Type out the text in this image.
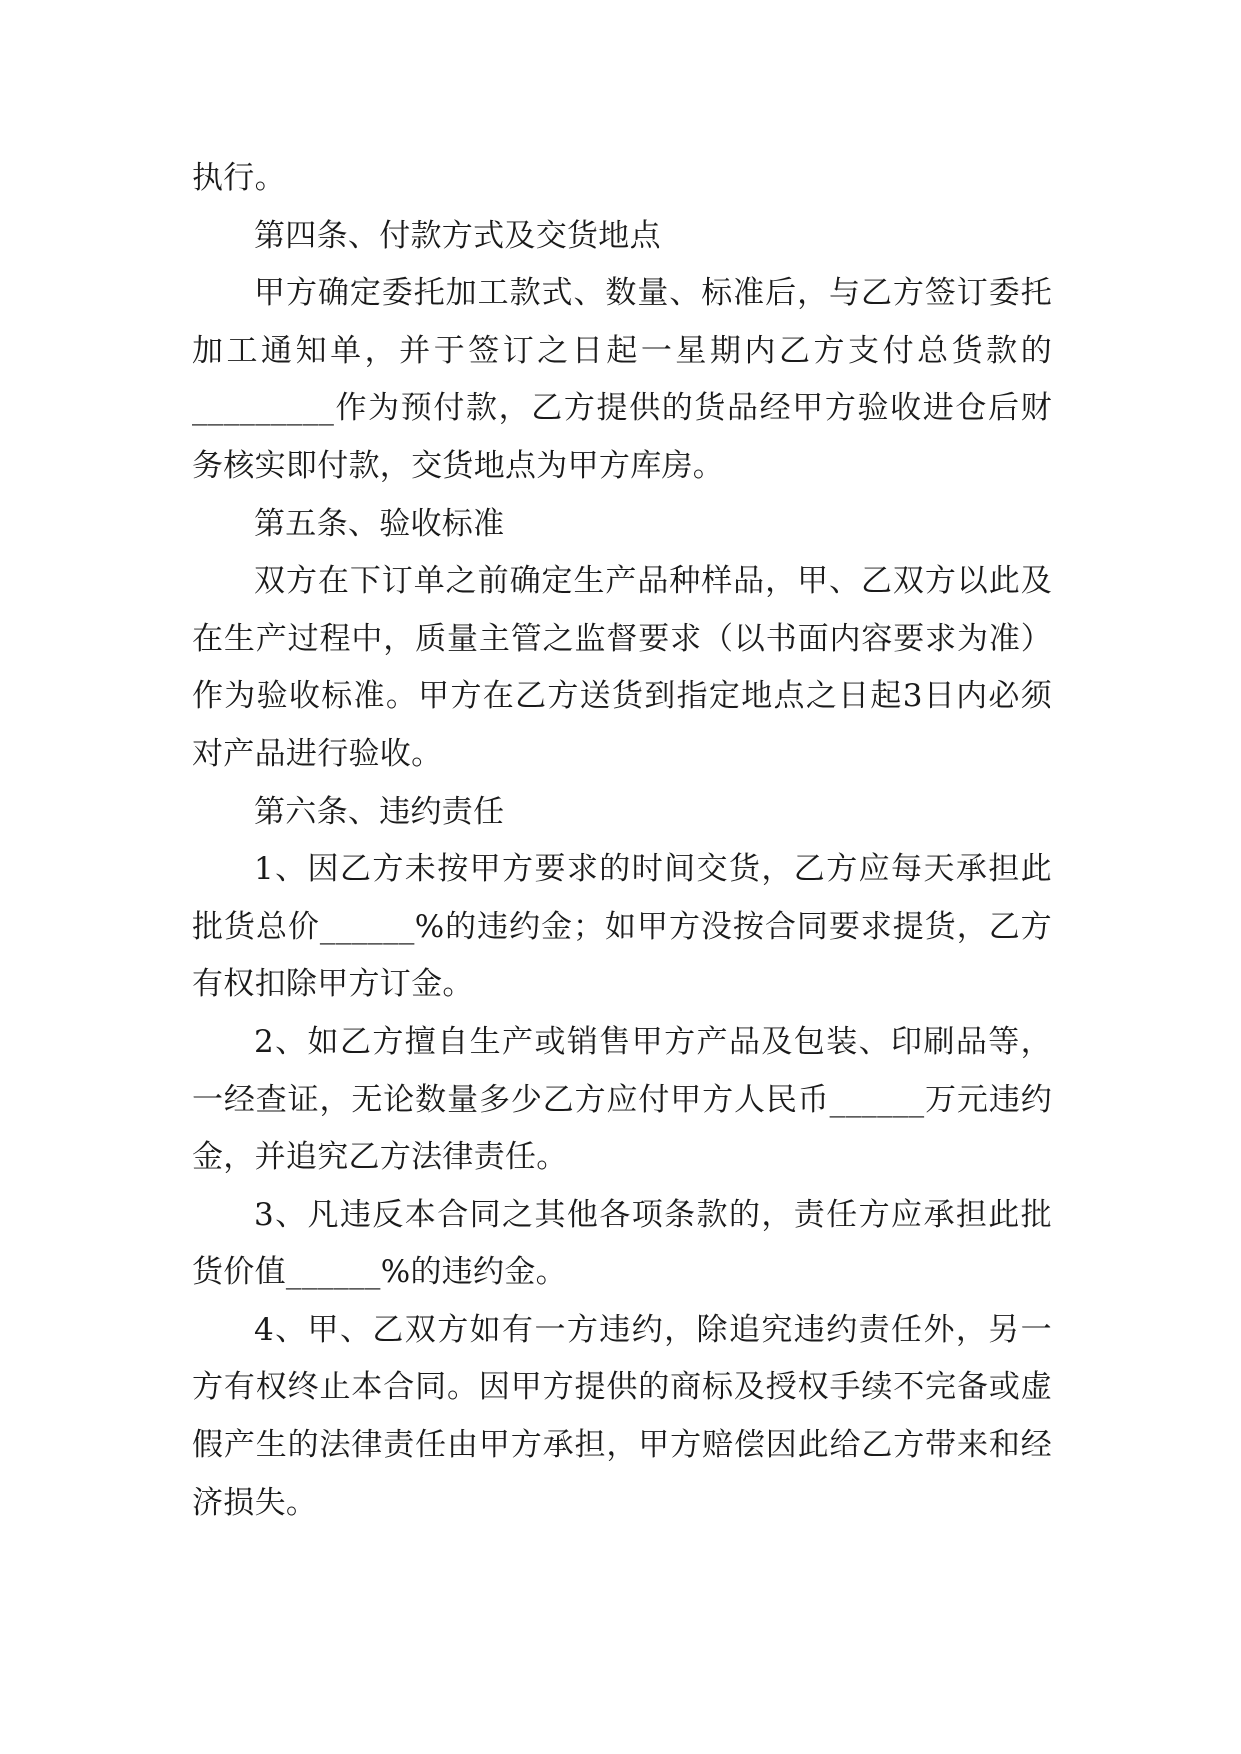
执行。

第四条、付款方式及交货地点

甲方确定委托加工款式、数量、标准后，与乙方签订委托加工通知单，并于签订之日起一星期内乙方支付总货款的_________作为预付款，乙方提供的货品经甲方验收进仓后财务核实即付款，交货地点为甲方库房。

第五条、验收标准

双方在下订单之前确定生产品种样品，甲、乙双方以此及在生产过程中，质量主管之监督要求（以书面内容要求为准）作为验收标准。甲方在乙方送货到指定地点之日起3日内必须对产品进行验收。

第六条、违约责任

1、因乙方未按甲方要求的时间交货，乙方应每天承担此批货总价______%的违约金；如甲方没按合同要求提货，乙方有权扣除甲方订金。

2、如乙方擅自生产或销售甲方产品及包装、印刷品等，一经查证，无论数量多少乙方应付甲方人民币______万元违约金，并追究乙方法律责任。

3、凡违反本合同之其他各项条款的，责任方应承担此批货价值______%的违约金。

4、甲、乙双方如有一方违约，除追究违约责任外，另一方有权终止本合同。因甲方提供的商标及授权手续不完备或虚假产生的法律责任由甲方承担，甲方赔偿因此给乙方带来和经济损失。
